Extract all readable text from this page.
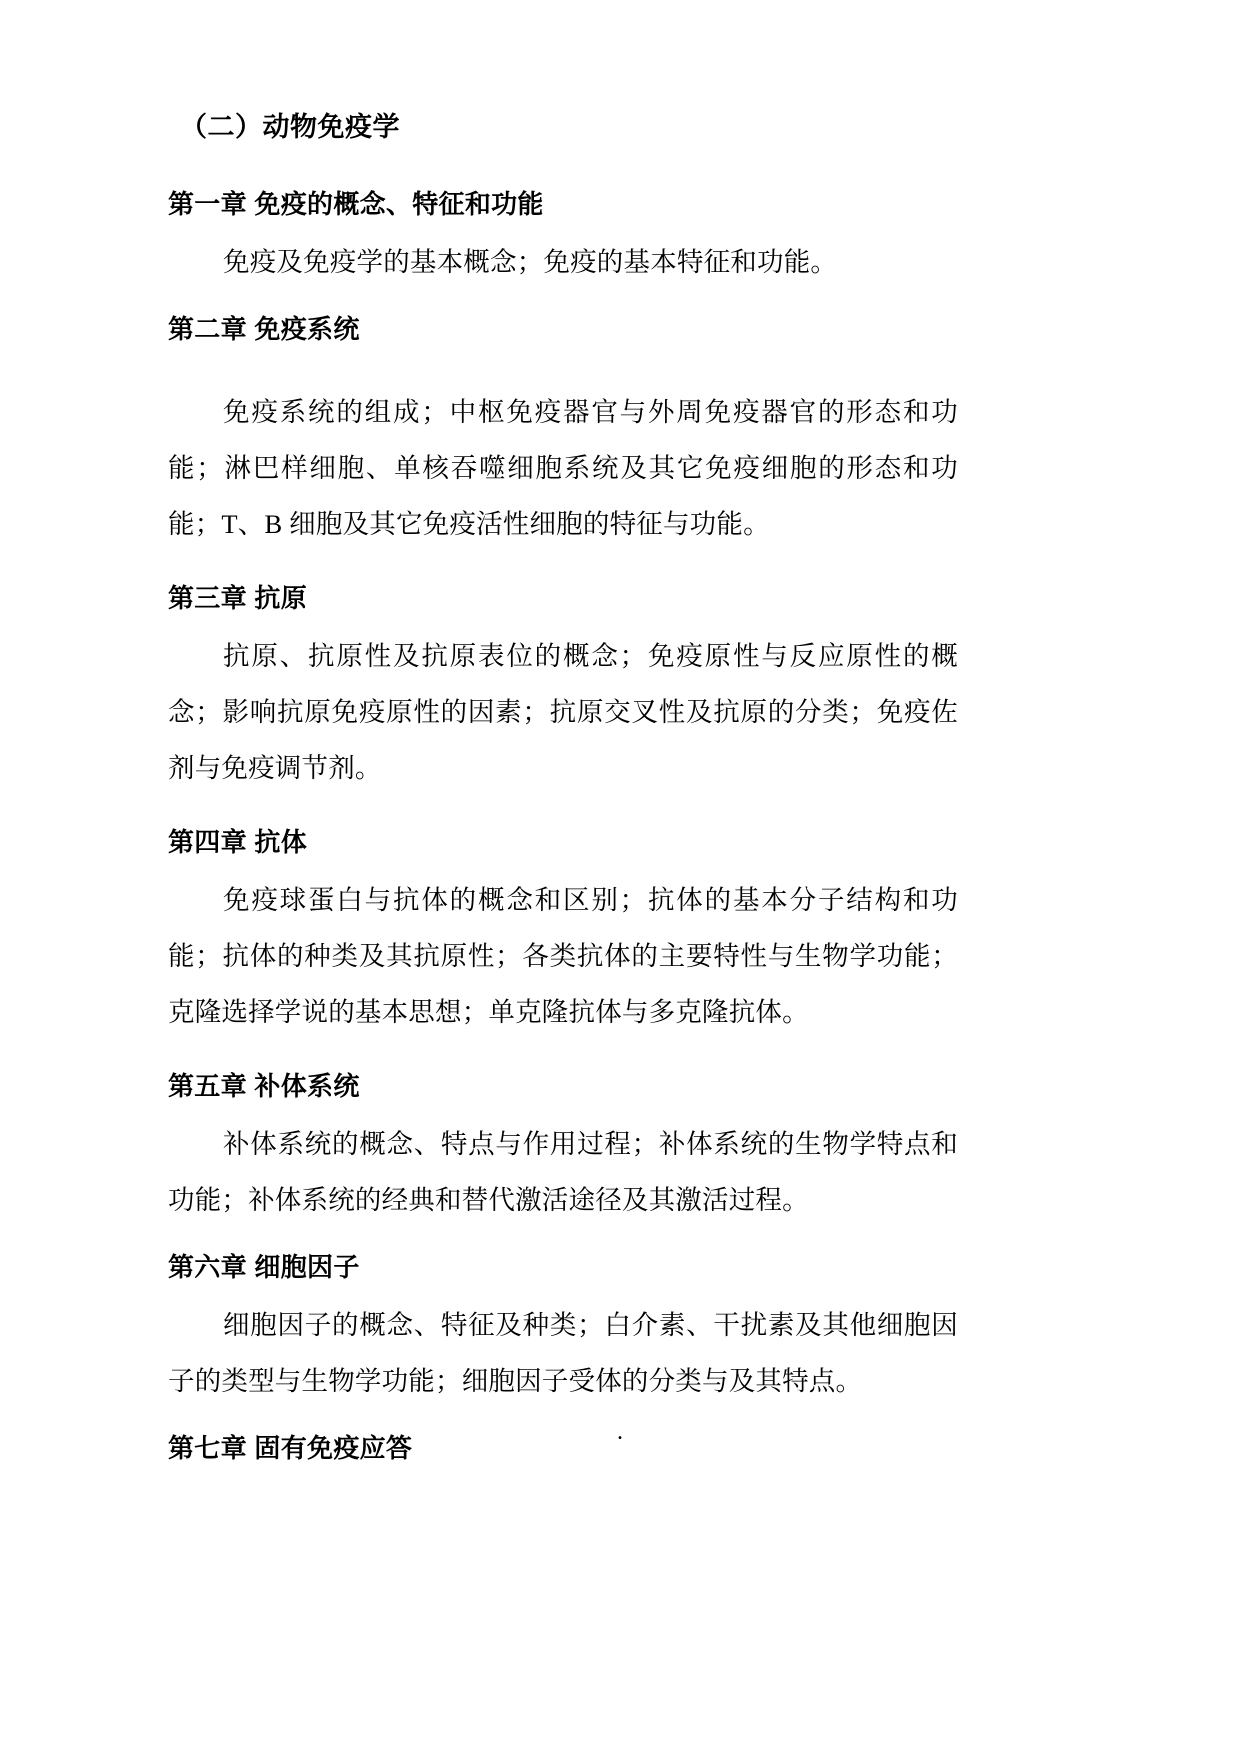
（二）动物免疫学
第一章 免疫的概念、特征和功能

免疫及免疫学的基本概念；免疫的基本特征和功能。

第二章 免疫系统

免疫系统的组成；中枢免疫器官与外周免疫器官的形态和功能；淋巴样细胞、单核吞噬细胞系统及其它免疫细胞的形态和功能；T、B 细胞及其它免疫活性细胞的特征与功能。

第三章 抗原

抗原、抗原性及抗原表位的概念；免疫原性与反应原性的概念；影响抗原免疫原性的因素；抗原交叉性及抗原的分类；免疫佐剂与免疫调节剂。

第四章 抗体

免疫球蛋白与抗体的概念和区别；抗体的基本分子结构和功能；抗体的种类及其抗原性；各类抗体的主要特性与生物学功能；克隆选择学说的基本思想；单克隆抗体与多克隆抗体。

第五章 补体系统

补体系统的概念、特点与作用过程；补体系统的生物学特点和功能；补体系统的经典和替代激活途径及其激活过程。

第六章 细胞因子

细胞因子的概念、特征及种类；白介素、干扰素及其他细胞因子的类型与生物学功能；细胞因子受体的分类与及其特点。

第七章 固有免疫应答
.
